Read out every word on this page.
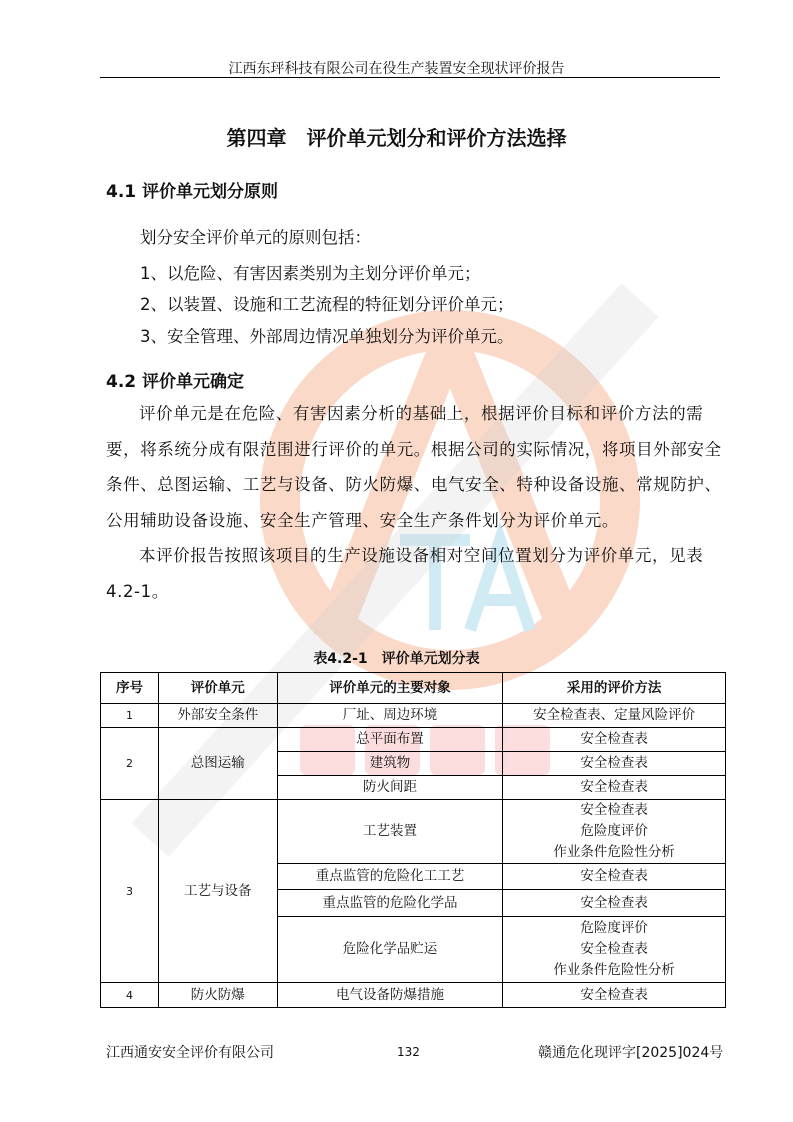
江西东玶科技有限公司在役生产装置安全现状评价报告
第四章　评价单元划分和评价方法选择
4.1 评价单元划分原则
划分安全评价单元的原则包括：
1、以危险、有害因素类别为主划分评价单元；
2、以装置、设施和工艺流程的特征划分评价单元；
3、安全管理、外部周边情况单独划分为评价单元。
4.2 评价单元确定

评价单元是在危险、有害因素分析的基础上，根据评价目标和评价方法的需要，将系统分成有限范围进行评价的单元。根据公司的实际情况，将项目外部安全条件、总图运输、工艺与设备、防火防爆、电气安全、特种设备设施、常规防护、公用辅助设备设施、安全生产管理、安全生产条件划分为评价单元。

本评价报告按照该项目的生产设施设备相对空间位置划分为评价单元，见表4.2-1。

表4.2-1　评价单元划分表
序号	评价单元	评价单元的主要对象	采用的评价方法
1	外部安全条件	厂址、周边环境	安全检查表、定量风险评价

2	总图运输	总平面布置	安全检查表

		建筑物	安全检查表

		防火间距	安全检查表

3	工艺与设备	工艺装置	安全检查表
危险度评价
作业条件危险性分析

		重点监管的危险化工工艺	安全检查表

		重点监管的危险化学品	安全检查表

		危险化学品贮运	危险度评价
安全检查表
作业条件危险性分析

4	防火防爆	电气设备防爆措施	安全检查表
江西通安安全评价有限公司	132	赣通危化现评字[2025]024号
